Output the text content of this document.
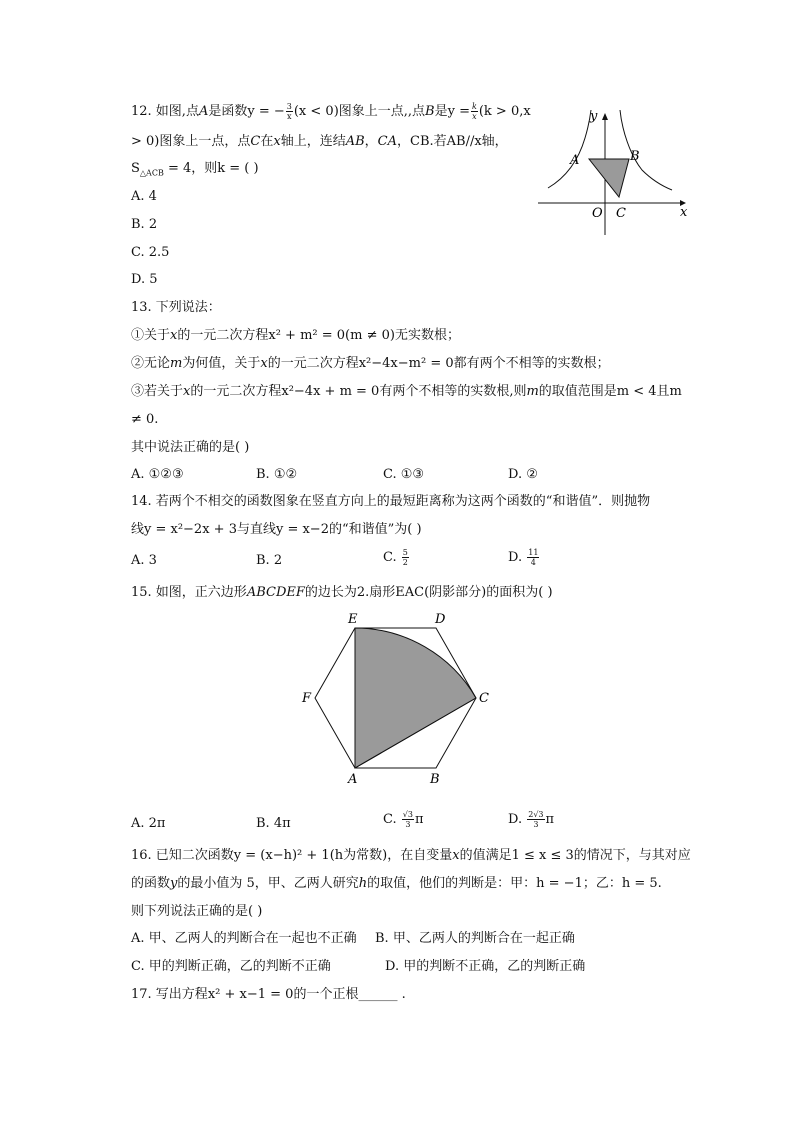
12. 如图,点A是函数y = − $\frac{3}{x} (x < 0)$图象上一点,,点B是$y = \frac{k}{x} (k > 0,x$
> 0)图象上一点，点C在x轴上，连结AB，CA，CB.若AB//x轴，
$S_{\triangle ACB} = 4$，则k = ( )
A. 4
B. 2
C. 2.5
D. 5
y
A	B
O C	x
13. 下列说法：
①关于x的一元二次方程x² + m² = 0(m ≠ 0)无实数根；
②无论m为何值，关于x的一元二次方程x²−4x−m² = 0都有两个不相等的实数根；
③若关于x的一元二次方程x²−4x + m = 0有两个不相等的实数根,则m的取值范围是m < 4且m
≠ 0.
其中说法正确的是( )
A. ①②③	B. ①②	C. ①③	D. ②
14. 若两个不相交的函数图象在竖直方向上的最短距离称为这两个函数的“和谐值”．则抛物
线y = x²−2x + 3与直线y = x−2的“和谐值”为( )
A. 3	B. 2	C. $\frac{5}{2}$	D. $\frac{11}{4}$
15. 如图，正六边形ABCDEF的边长为2.扇形EAC(阴影部分)的面积为( )
E	D
F	C
A	B
A. 2π	B. 4π	C. $\frac{√3}{3}$ π	D. $\frac{2√3}{3}$ π
16. 已知二次函数y = (x−h)² + 1(h为常数)，在自变量x的值满足1 ≤ x ≤ 3的情况下，与其对应
的函数y的最小值为 5，甲、乙两人研究h的取值，他们的判断是：甲：h = −1；乙：h = 5.
则下列说法正确的是( )
A. 甲、乙两人的判断合在一起也不正确 B. 甲、乙两人的判断合在一起正确
C. 甲的判断正确，乙的判断不正确	D. 甲的判断不正确，乙的判断正确
17. 写出方程x² + x−1 = 0的一个正根______ .
